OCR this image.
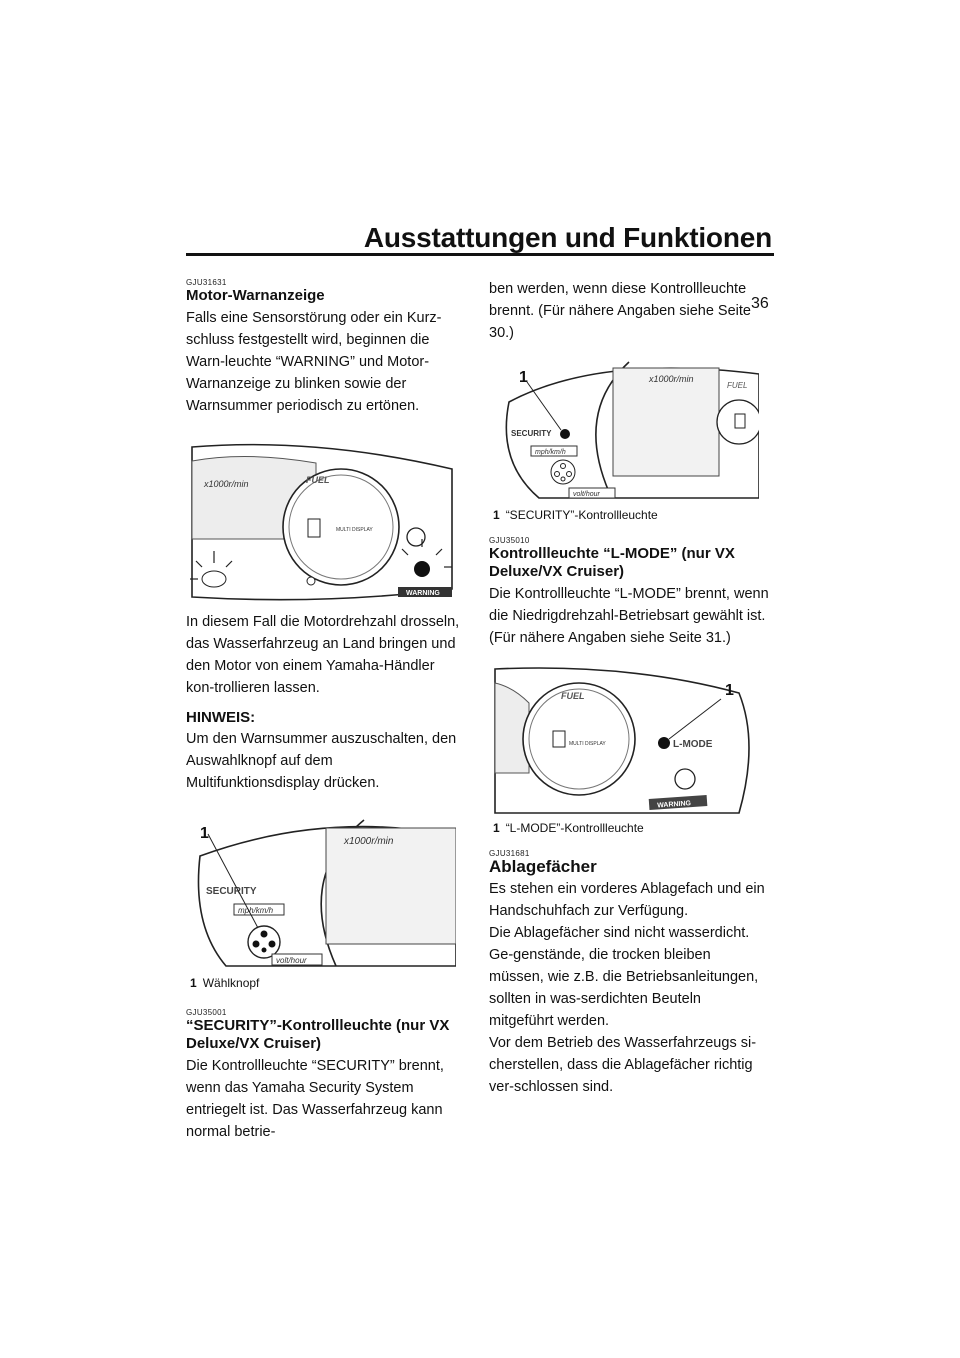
Ausstattungen und Funktionen
36

GJU31631

Motor-Warnanzeige

Falls eine Sensorstörung oder ein Kurz-schluss festgestellt wird, beginnen die Warn-leuchte “WARNING” und Motor-Warnanzeige zu blinken sowie der Warnsummer periodisch zu ertönen.

x1000r/min	FUEL
MULTI DISPLAY
WARNING

In diesem Fall die Motordrehzahl drosseln, das Wasserfahrzeug an Land bringen und den Motor von einem Yamaha-Händler kon-trollieren lassen.

HINWEIS:

Um den Warnsummer auszuschalten, den Auswahlknopf auf dem Multifunktionsdisplay drücken.

x1000r/min
SECURITY
mph/km/h
volt/hour
1

1 Wählknopf

GJU35001

“SECURITY”-Kontrollleuchte (nur VX Deluxe/VX Cruiser)

Die Kontrollleuchte “SECURITY” brennt, wenn das Yamaha Security System entriegelt ist. Das Wasserfahrzeug kann normal betrie-

ben werden, wenn diese Kontrollleuchte brennt. (Für nähere Angaben siehe Seite 30.)

x1000r/min
FUEL
SECURITY
mph/km/h
volt/hour
1

1 “SECURITY”-Kontrollleuchte

GJU35010

Kontrollleuchte “L-MODE” (nur VX Deluxe/VX Cruiser)

Die Kontrollleuchte “L-MODE” brennt, wenn die Niedrigdrehzahl-Betriebsart gewählt ist. (Für nähere Angaben siehe Seite 31.)

FUEL
MULTI DISPLAY	L-MODE
WARNING
1

1 “L-MODE”-Kontrollleuchte

GJU31681

Ablagefächer

Es stehen ein vorderes Ablagefach und ein Handschuhfach zur Verfügung.

Die Ablagefächer sind nicht wasserdicht. Ge-genstände, die trocken bleiben müssen, wie z.B. die Betriebsanleitungen, sollten in was-serdichten Beuteln mitgeführt werden.

Vor dem Betrieb des Wasserfahrzeugs si-cherstellen, dass die Ablagefächer richtig ver-schlossen sind.
